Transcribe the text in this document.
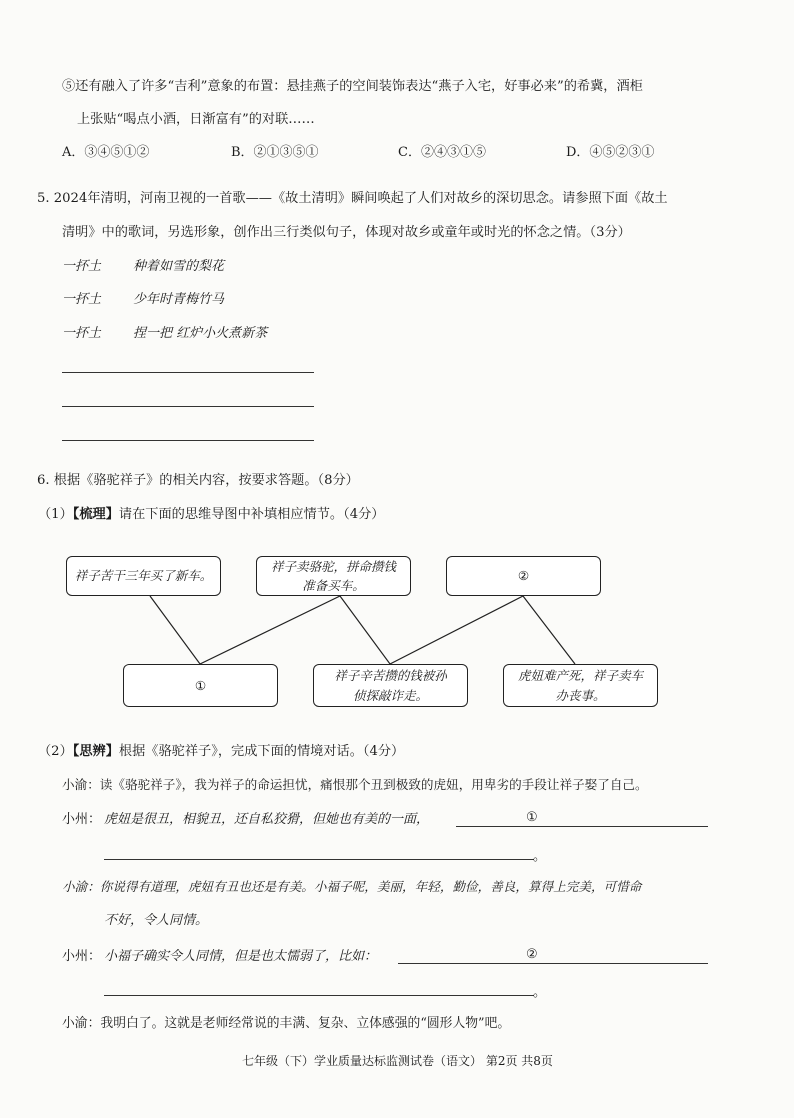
⑤还有融入了许多“吉利”意象的布置：悬挂燕子的空间装饰表达“燕子入宅，好事必来”的希冀，酒柜
上张贴“喝点小酒，日渐富有”的对联……
A．③④⑤①②	B．②①③⑤①	C．②④③①⑤	D．④⑤②③①
5. 2024年清明，河南卫视的一首歌——《故土清明》瞬间唤起了人们对故乡的深切思念。请参照下面《故土
清明》中的歌词，另选形象，创作出三行类似句子，体现对故乡或童年或时光的怀念之情。（3分）
一抔土 种着如雪的梨花
一抔土 少年时青梅竹马
一抔土 捏一把 红炉小火煮新茶
6. 根据《骆驼祥子》的相关内容，按要求答题。（8分）
（1）【梳理】请在下面的思维导图中补填相应情节。（4分）
祥子苦干三年买了新车。
祥子卖骆驼，拼命攒钱
准备买车。
②
①
祥子辛苦攒的钱被孙
侦探敲诈走。
虎妞难产死，祥子卖车
办丧事。
（2）【思辨】根据《骆驼祥子》，完成下面的情境对话。（4分）
小渝：读《骆驼祥子》，我为祥子的命运担忧，痛恨那个丑到极致的虎妞，用卑劣的手段让祥子娶了自己。
小州： 虎妞是很丑，相貌丑，还自私狡猾，但她也有美的一面，	①
。
小渝：你说得有道理，虎妞有丑也还是有美。小福子呢，美丽，年轻，勤俭，善良，算得上完美，可惜命
不好，令人同情。
小州： 小福子确实令人同情，但是也太懦弱了，比如：	②
。
小渝：我明白了。这就是老师经常说的丰满、复杂、立体感强的“圆形人物”吧。
七年级（下）学业质量达标监测试卷（语文） 第2页 共8页
